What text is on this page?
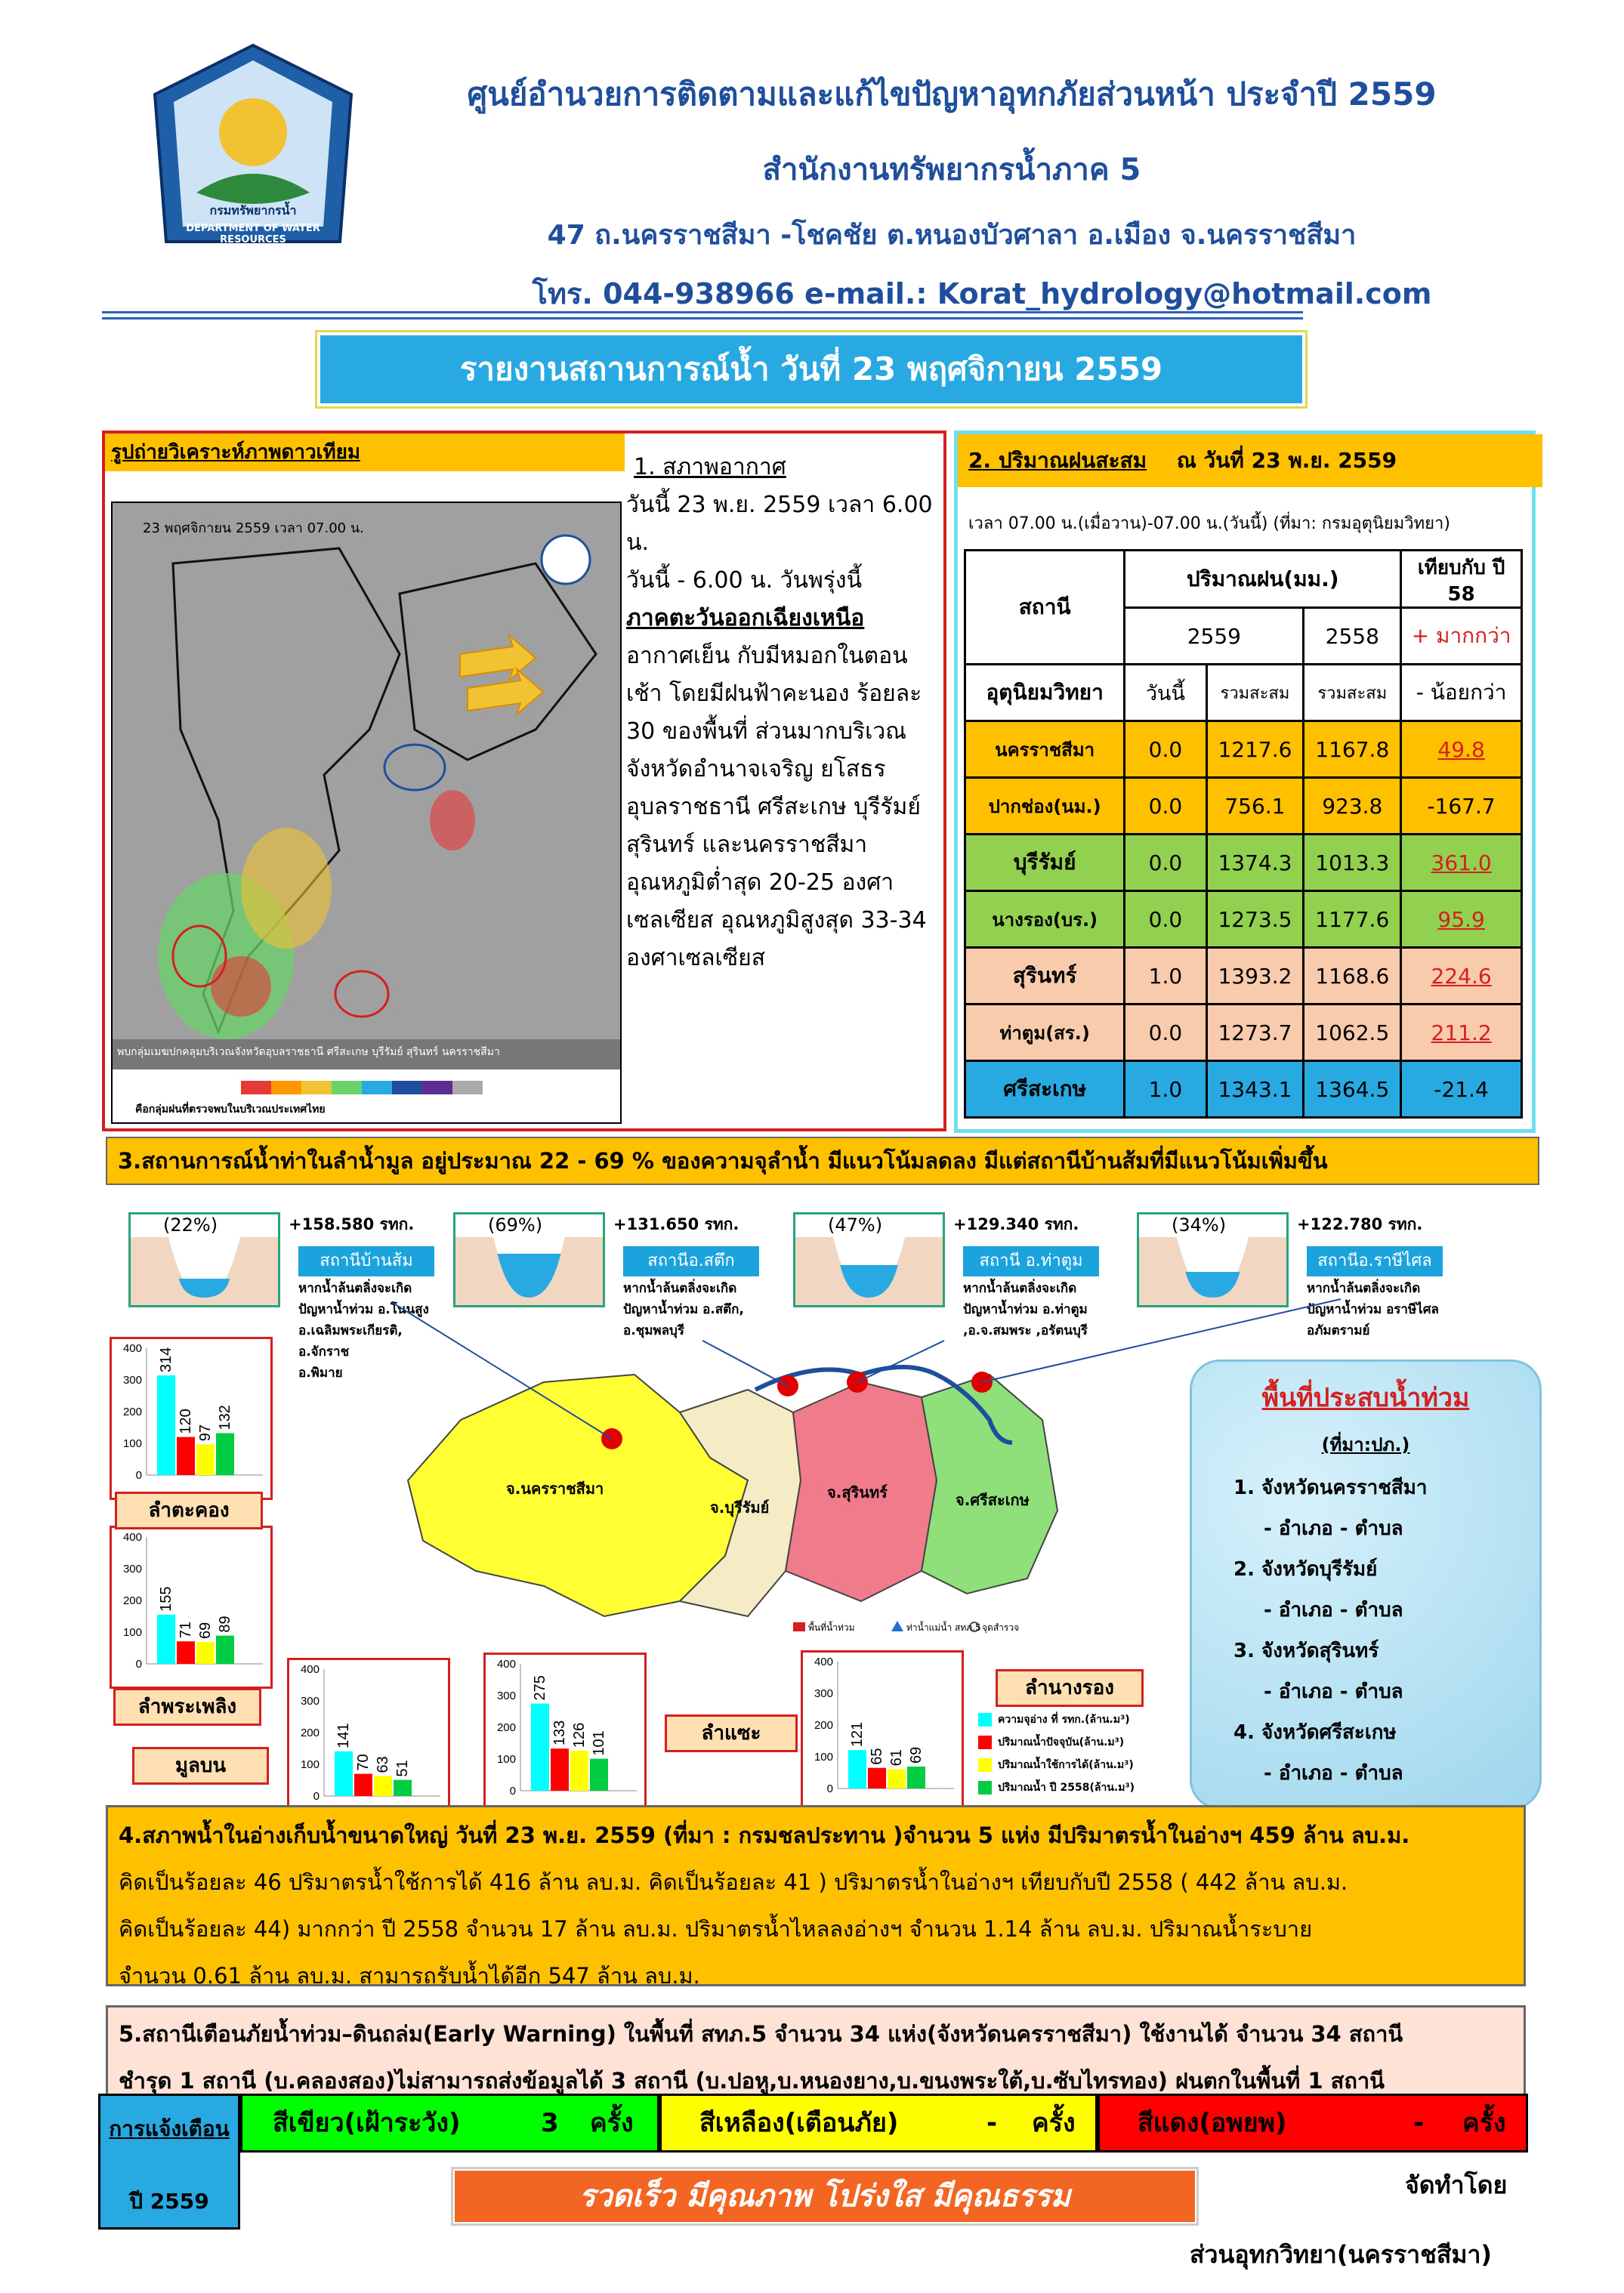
DEPARTMENT OF WATER RESOURCES
กรมทรัพยากรน้ำ
ศูนย์อำนวยการติดตามและแก้ไขปัญหาอุทกภัยส่วนหน้า ประจำปี 2559
สำนักงานทรัพยากรน้ำภาค 5
47 ถ.นครราชสีมา -โชคชัย ต.หนองบัวศาลา อ.เมือง จ.นครราชสีมา
โทร. 044-938966 e-mail.: Korat_hydrology@hotmail.com
รายงานสถานการณ์น้ำ วันที่ 23 พฤศจิกายน 2559
รูปถ่ายวิเคราะห์ภาพดาวเทียม
23 พฤศจิกายน 2559 เวลา 07.00 น.
พบกลุ่มเมฆปกคลุมบริเวณจังหวัดอุบลราชธานี ศรีสะเกษ บุรีรัมย์ สุรินทร์ นครราชสีมา
คือกลุ่มฝนที่ตรวจพบในบริเวณประเทศไทย
1. สภาพอากาศ
วันนี้ 23 พ.ย. 2559 เวลา 6.00 น.
วันนี้ - 6.00 น. วันพรุ่งนี้
ภาคตะวันออกเฉียงเหนือ
อากาศเย็น กับมีหมอกในตอน
เช้า โดยมีฝนฟ้าคะนอง ร้อยละ
30 ของพื้นที่ ส่วนมากบริเวณ
จังหวัดอำนาจเจริญ ยโสธร
อุบลราชธานี ศรีสะเกษ บุรีรัมย์
สุรินทร์ และนครราชสีมา
อุณหภูมิต่ำสุด 20-25 องศา
เซลเซียส อุณหภูมิสูงสุด 33-34
องศาเซลเซียส
2. ปริมาณฝนสะสม ณ วันที่ 23 พ.ย. 2559
เวลา 07.00 น.(เมื่อวาน)-07.00 น.(วันนี้) (ที่มา: กรมอุตุนิยมวิทยา)
สถานี	ปริมาณฝน(มม.)			เทียบกับ ปี 58
	2559		2558	+ มากกว่า
อุตุนิยมวิทยา	วันนี้	รวมสะสม	รวมสะสม	- น้อยกว่า
นครราชสีมา	0.0	1217.6	1167.8	49.8
ปากช่อง(นม.)	0.0	756.1	923.8	-167.7
บุรีรัมย์	0.0	1374.3	1013.3	361.0
นางรอง(บร.)	0.0	1273.5	1177.6	95.9
สุรินทร์	1.0	1393.2	1168.6	224.6
ท่าตูม(สร.)	0.0	1273.7	1062.5	211.2
ศรีสะเกษ	1.0	1343.1	1364.5	-21.4
3.สถานการณ์น้ำท่าในลำน้ำมูล อยู่ประมาณ 22 - 69 % ของความจุลำน้ำ มีแนวโน้มลดลง มีแต่สถานีบ้านส้มที่มีแนวโน้มเพิ่มขึ้น
(22%)	+158.580 รทก.
สถานีบ้านส้ม
หากน้ำล้นตลิ่งจะเกิด
ปัญหาน้ำท่วม อ.โนนสูง
อ.เฉลิมพระเกียรติ, อ.จักราช
อ.พิมาย
(69%)	+131.650 รทก.
สถานีอ.สตึก
หากน้ำล้นตลิ่งจะเกิด
ปัญหาน้ำท่วม อ.สตึก,
อ.ชุมพลบุรี
(47%)	+129.340 รทก.
สถานี อ.ท่าตูม
หากน้ำล้นตลิ่งจะเกิด
ปัญหาน้ำท่วม อ.ท่าตูม
,อ.จ.สมพระ ,อรัตนบุรี
(34%)	+122.780 รทก.
สถานีอ.ราษีไศล
หากน้ำล้นตลิ่งจะเกิด
ปัญหาน้ำท่วม อราษีไศล
อภัมตรามย์
จ.นครราชสีมา
จ.บุรีรัมย์
จ.สุรินทร์	จ.ศรีสะเกษ
พื้นที่น้ำท่วม	ท่าน้ำแม่น้ำ สทภ.5 จุดสำรวจ
0
100
200
300
400 314
120 97
132
0
100
200
300
400
155
71 69 89
0
100
200
300
400
141
70 63 51
0
100
200
300
400
275
133 126 101
0
100
200
300
400
121
65 61 69
ลำตะคอง
ลำพระเพลิง
มูลบน
ลำแซะ
ลำนางรอง
ความจุอ่าง ที่ รทก.(ล้าน.ม³)
ปริมาณน้ำปัจจุบัน(ล้าน.ม³)
ปริมาณน้ำใช้การได้(ล้าน.ม³)
ปริมาณน้ำ ปี 2558(ล้าน.ม³)
พื้นที่ประสบน้ำท่วม
(ที่มา:ปภ.)
1. จังหวัดนครราชสีมา
- อำเภอ - ตำบล
2. จังหวัดบุรีรัมย์
- อำเภอ - ตำบล
3. จังหวัดสุรินทร์
- อำเภอ - ตำบล
4. จังหวัดศรีสะเกษ
- อำเภอ - ตำบล
4.สภาพน้ำในอ่างเก็บน้ำขนาดใหญ่ วันที่ 23 พ.ย. 2559 (ที่มา : กรมชลประทาน )จำนวน 5 แห่ง มีปริมาตรน้ำในอ่างฯ 459 ล้าน ลบ.ม.
คิดเป็นร้อยละ 46 ปริมาตรน้ำใช้การได้ 416 ล้าน ลบ.ม. คิดเป็นร้อยละ 41 ) ปริมาตรน้ำในอ่างฯ เทียบกับปี 2558 ( 442 ล้าน ลบ.ม.
คิดเป็นร้อยละ 44) มากกว่า ปี 2558 จำนวน 17 ล้าน ลบ.ม. ปริมาตรน้ำไหลลงอ่างฯ จำนวน 1.14 ล้าน ลบ.ม. ปริมาณน้ำระบาย
จำนวน 0.61 ล้าน ลบ.ม. สามารถรับน้ำได้อีก 547 ล้าน ลบ.ม.
5.สถานีเตือนภัยน้ำท่วม–ดินถล่ม(Early Warning) ในพื้นที่ สทภ.5 จำนวน 34 แห่ง(จังหวัดนครราชสีมา) ใช้งานได้ จำนวน 34 สถานี
ชำรุด 1 สถานี (บ.คลองสอง)ไม่สามารถส่งข้อมูลได้ 3 สถานี (บ.ปอหู,บ.หนองยาง,บ.ขนงพระใต้,บ.ซับไทรทอง) ฝนตกในพื้นที่ 1 สถานี
การแจ้งเตือน
ปี 2559
สีเขียว(เฝ้าระวัง)	3 ครั้ง	สีเหลือง(เตือนภัย)	- ครั้ง สีแดง(อพยพ)	- ครั้ง
รวดเร็ว มีคุณภาพ โปร่งใส มีคุณธรรม	จัดทำโดย
ส่วนอุทกวิทยา(นครราชสีมา)
